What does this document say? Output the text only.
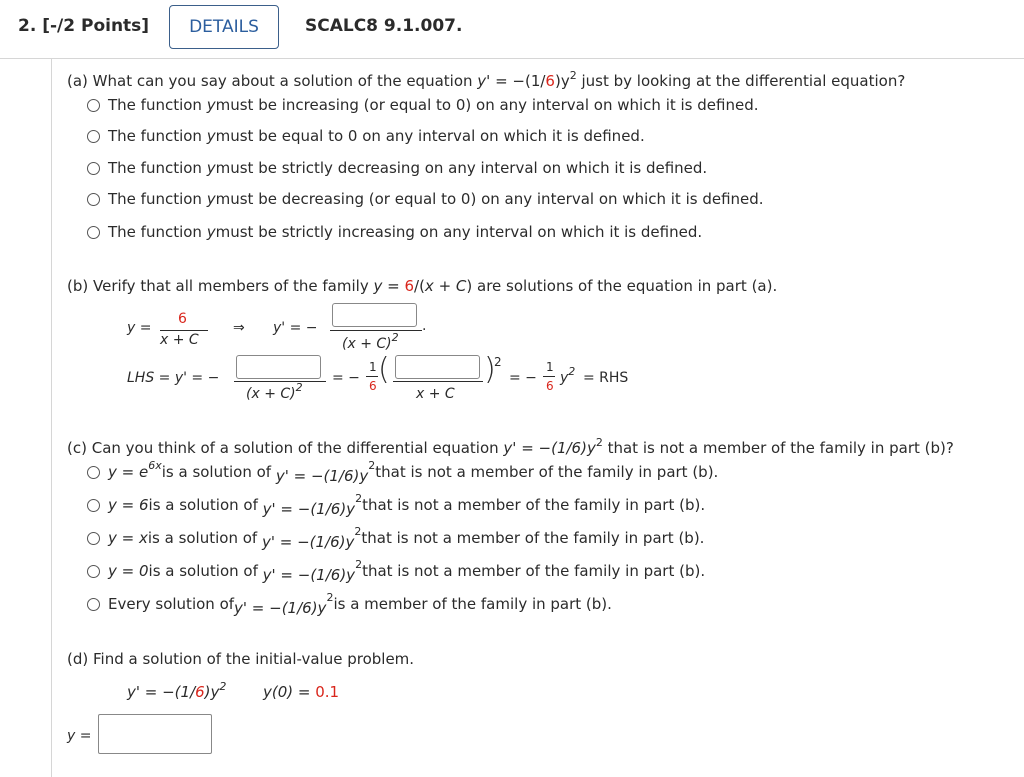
2. [-/2 Points]	DETAILS	SCALC8 9.1.007.
(a) What can you say about a solution of the equation $y' = -(1/6)y^2$ just by looking at the differential equation?
The function
y must be increasing (or equal to 0) on any interval on which it is defined.
The function
y must be equal to 0 on any interval on which it is defined.
The function
y must be strictly decreasing on any interval on which it is defined.
The function
y must be decreasing (or equal to 0) on any interval on which it is defined.
The function
y must be strictly increasing on any interval on which it is defined.
(b) Verify that all members of the family y = 6/(x + C) are solutions of the equation in part (a).
y =
6
x + C
⇒ y' = −
$(x + C)^2$
.
LHS = y' = −
$(x + C)^2$
= −
1
6 (
x + C
)
2
= −
1
6 $y^2$ = RHS
(c) Can you think of a solution of the differential equation $y' = -(1/6)y^2$ that is not a member of the family in part (b)?
y = e 6x is a solution of
y' = −(1/6)y
2 that is not a member of the family in part (b).
y = 6 is a solution of
y' = −(1/6)y
2 that is not a member of the family in part (b).
y = x is a solution of
y' = −(1/6)y
2 that is not a member of the family in part (b).
y = 0 is a solution of
y' = −(1/6)y
2 that is not a member of the family in part (b).
Every solution of y' = −(1/6)y
2 is a member of the family in part (b).
(d) Find a solution of the initial-value problem.
$y' = -(1/6)y^2$ y(0) = 0.1
y =
